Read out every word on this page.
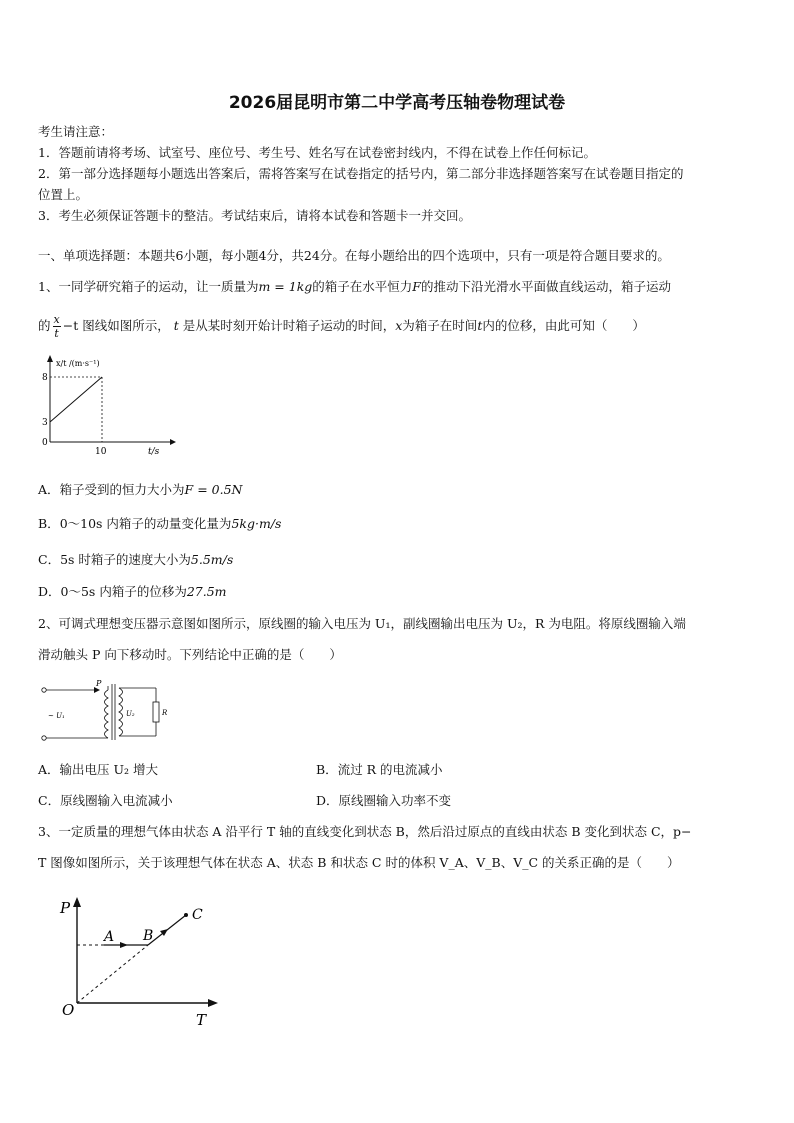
2026届昆明市第二中学高考压轴卷物理试卷
考生请注意：
1．答题前请将考场、试室号、座位号、考生号、姓名写在试卷密封线内，不得在试卷上作任何标记。
2．第一部分选择题每小题选出答案后，需将答案写在试卷指定的括号内，第二部分非选择题答案写在试卷题目指定的
位置上。
3．考生必须保证答题卡的整洁。考试结束后，请将本试卷和答题卡一并交回。
一、单项选择题：本题共6小题，每小题4分，共24分。在每小题给出的四个选项中，只有一项是符合题目要求的。
1、一同学研究箱子的运动，让一质量为m = 1kg的箱子在水平恒力F的推动下沿光滑水平面做直线运动，箱子运动
的 $\frac{x}{t} -t$ 图线如图所示， t 是从某时刻开始计时箱子运动的时间，x为箱子在时间t内的位移，由此可知（　　）
x/t /(m·s⁻¹)
8
3
0
10	t/s
A．箱子受到的恒力大小为F = 0.5N
B．0～10s 内箱子的动量变化量为5kg·m/s
C．5s 时箱子的速度大小为5.5m/s
D．0～5s 内箱子的位移为27.5m
2、可调式理想变压器示意图如图所示，原线圈的输入电压为 U₁，副线圈输出电压为 U₂，R 为电阻。将原线圈输入端
滑动触头 P 向下移动时。下列结论中正确的是（　　）
P
~ U₁	U₂	R
A．输出电压 U₂ 增大	B．流过 R 的电流减小
C．原线圈输入电流减小	D．原线圈输入功率不变
3、一定质量的理想气体由状态 A 沿平行 T 轴的直线变化到状态 B，然后沿过原点的直线由状态 B 变化到状态 C，p−
T 图像如图所示，关于该理想气体在状态 A、状态 B 和状态 C 时的体积 V_A、V_B、V_C 的关系正确的是（　　）
P
T
O
A B
C
